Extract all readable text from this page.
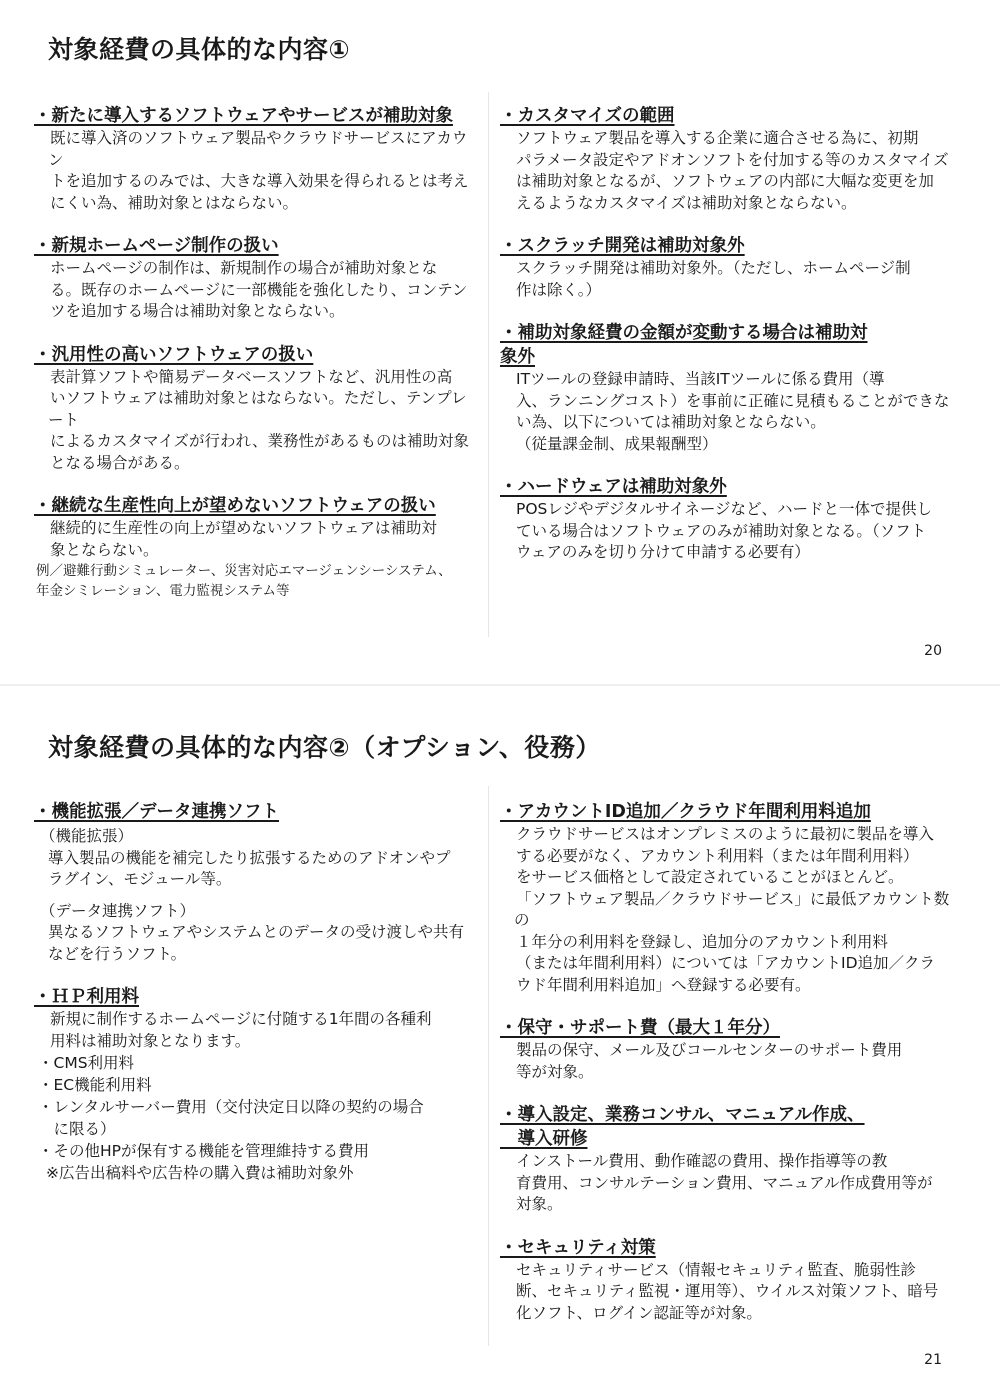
対象経費の具体的な内容①
・新たに導入するソフトウェアやサービスが補助対象
既に導入済のソフトウェア製品やクラウドサービスにアカウン
トを追加するのみでは、大きな導入効果を得られるとは考え
にくい為、補助対象とはならない。
・新規ホームページ制作の扱い
ホームページの制作は、新規制作の場合が補助対象とな
る。既存のホームページに一部機能を強化したり、コンテン
ツを追加する場合は補助対象とならない。
・汎用性の高いソフトウェアの扱い
表計算ソフトや簡易データベースソフトなど、汎用性の高
いソフトウェアは補助対象とはならない。ただし、テンプレート
によるカスタマイズが行われ、業務性があるものは補助対象
となる場合がある。
・継続な生産性向上が望めないソフトウェアの扱い
継続的に生産性の向上が望めないソフトウェアは補助対
象とならない。
例／避難行動シミュレーター、災害対応エマージェンシーシステム、
年金シミレーション、電力監視システム等
・カスタマイズの範囲
ソフトウェア製品を導入する企業に適合させる為に、初期
パラメータ設定やアドオンソフトを付加する等のカスタマイズ
は補助対象となるが、ソフトウェアの内部に大幅な変更を加
えるようなカスタマイズは補助対象とならない。
・スクラッチ開発は補助対象外
スクラッチ開発は補助対象外。（ただし、ホームページ制
作は除く。）
・補助対象経費の金額が変動する場合は補助対
象外
ITツールの登録申請時、当該ITツールに係る費用（導
入、ランニングコスト）を事前に正確に見積もることができな
い為、以下については補助対象とならない。
（従量課金制、成果報酬型）
・ハードウェアは補助対象外
POSレジやデジタルサイネージなど、ハードと一体で提供し
ている場合はソフトウェアのみが補助対象となる。（ソフト
ウェアのみを切り分けて申請する必要有）
20
対象経費の具体的な内容②（オプション、役務）
・機能拡張／データ連携ソフト
（機能拡張）
導入製品の機能を補完したり拡張するためのアドオンやプ
ラグイン、モジュール等。
（データ連携ソフト）
異なるソフトウェアやシステムとのデータの受け渡しや共有
などを行うソフト。
・ＨＰ利用料
新規に制作するホームページに付随する1年間の各種利
用料は補助対象となります。
・CMS利用料
・EC機能利用料
・レンタルサーバー費用（交付決定日以降の契約の場合
　に限る）
・その他HPが保有する機能を管理維持する費用
※広告出稿料や広告枠の購入費は補助対象外
・アカウントID追加／クラウド年間利用料追加
クラウドサービスはオンプレミスのように最初に製品を導入
する必要がなく、アカウント利用料（または年間利用料）
をサービス価格として設定されていることがほとんど。
「ソフトウェア製品／クラウドサービス」に最低アカウント数の
１年分の利用料を登録し、追加分のアカウント利用料
（または年間利用料）については「アカウントID追加／クラ
ウド年間利用料追加」へ登録する必要有。
・保守・サポート費（最大１年分）
製品の保守、メール及びコールセンターのサポート費用
等が対象。
・導入設定、業務コンサル、マニュアル作成、
　導入研修
インストール費用、動作確認の費用、操作指導等の教
育費用、コンサルテーション費用、マニュアル作成費用等が
対象。
・セキュリティ対策
セキュリティサービス（情報セキュリティ監査、脆弱性診
断、セキュリティ監視・運用等）、ウイルス対策ソフト、暗号
化ソフト、ログイン認証等が対象。
21
